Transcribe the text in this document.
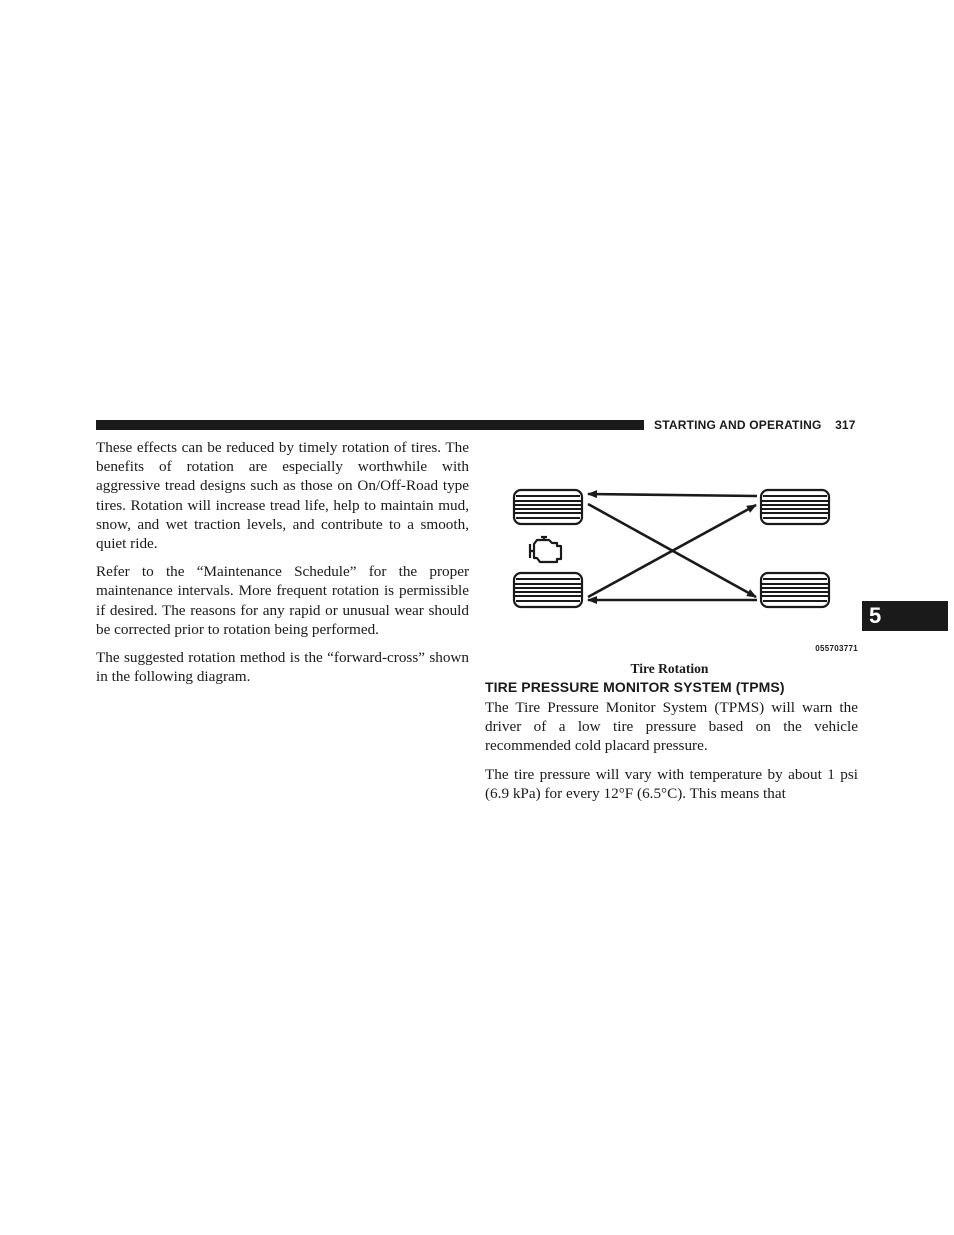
STARTING AND OPERATING 317

These effects can be reduced by timely rotation of tires. The benefits of rotation are especially worthwhile with aggressive tread designs such as those on On/Off-Road type tires. Rotation will increase tread life, help to maintain mud, snow, and wet traction levels, and contribute to a smooth, quiet ride.

Refer to the “Maintenance Schedule” for the proper maintenance intervals. More frequent rotation is permissible if desired. The reasons for any rapid or unusual wear should be corrected prior to rotation being performed.

The suggested rotation method is the “forward-cross” shown in the following diagram.

055703771
Tire Rotation
TIRE PRESSURE MONITOR SYSTEM (TPMS)

The Tire Pressure Monitor System (TPMS) will warn the driver of a low tire pressure based on the vehicle recommended cold placard pressure.

The tire pressure will vary with temperature by about 1 psi (6.9 kPa) for every 12°F (6.5°C). This means that

5
